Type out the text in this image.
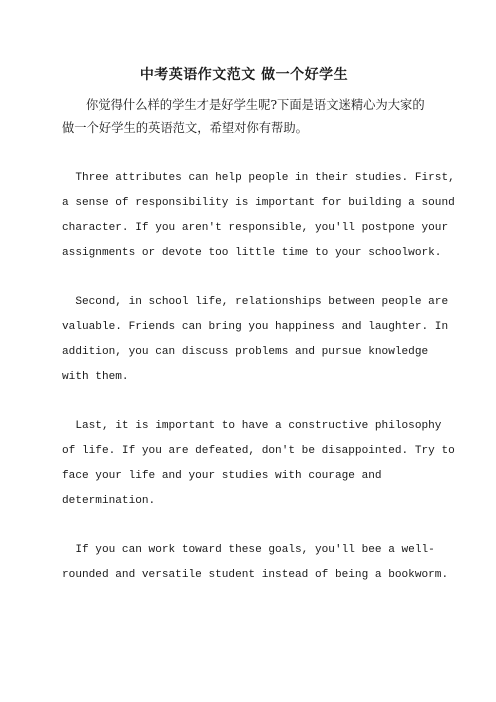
中考英语作文范文 做一个好学生
你觉得什么样的学生才是好学生呢?下面是语文迷精心为大家的做一个好学生的英语范文，希望对你有帮助。
Three attributes can help people in their studies. First,
a sense of responsibility is important for building a sound
character. If you aren't responsible, you'll postpone your
assignments or devote too little time to your schoolwork.
Second, in school life, relationships between people are
valuable. Friends can bring you happiness and laughter. In
addition, you can discuss problems and pursue knowledge
with them.
Last, it is important to have a constructive philosophy
of life. If you are defeated, don't be disappointed. Try to
face your life and your studies with courage and
determination.
If you can work toward these goals, you'll bee a well-
rounded and versatile student instead of being a bookworm.
